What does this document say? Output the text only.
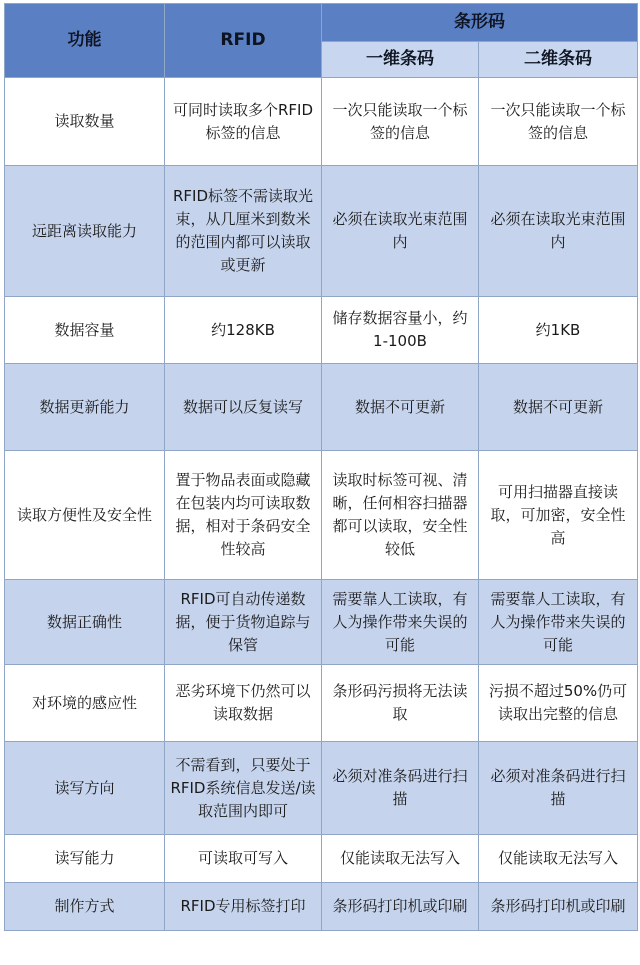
功能	RFID	条形码	
		一维条码	二维条码
读取数量	可同时读取多个RFID标签的信息	一次只能读取一个标签的信息	一次只能读取一个标签的信息
远距离读取能力	RFID标签不需读取光束，从几厘米到数米的范围内都可以读取或更新	必须在读取光束范围内	必须在读取光束范围内
数据容量	约128KB	储存数据容量小，约1-100B	约1KB
数据更新能力	数据可以反复读写	数据不可更新	数据不可更新
读取方便性及安全性	置于物品表面或隐藏在包装内均可读取数据，相对于条码安全性较高	读取时标签可视、清晰，任何相容扫描器都可以读取，安全性较低	可用扫描器直接读取，可加密，安全性高
数据正确性	RFID可自动传递数据，便于货物追踪与保管	需要靠人工读取，有人为操作带来失误的可能	需要靠人工读取，有人为操作带来失误的可能
对环境的感应性	恶劣环境下仍然可以读取数据	条形码污损将无法读取	污损不超过50%仍可读取出完整的信息
读写方向	不需看到，只要处于RFID系统信息发送/读取范围内即可	必须对准条码进行扫描	必须对准条码进行扫描
读写能力	可读取可写入	仅能读取无法写入	仅能读取无法写入
制作方式	RFID专用标签打印	条形码打印机或印刷	条形码打印机或印刷
